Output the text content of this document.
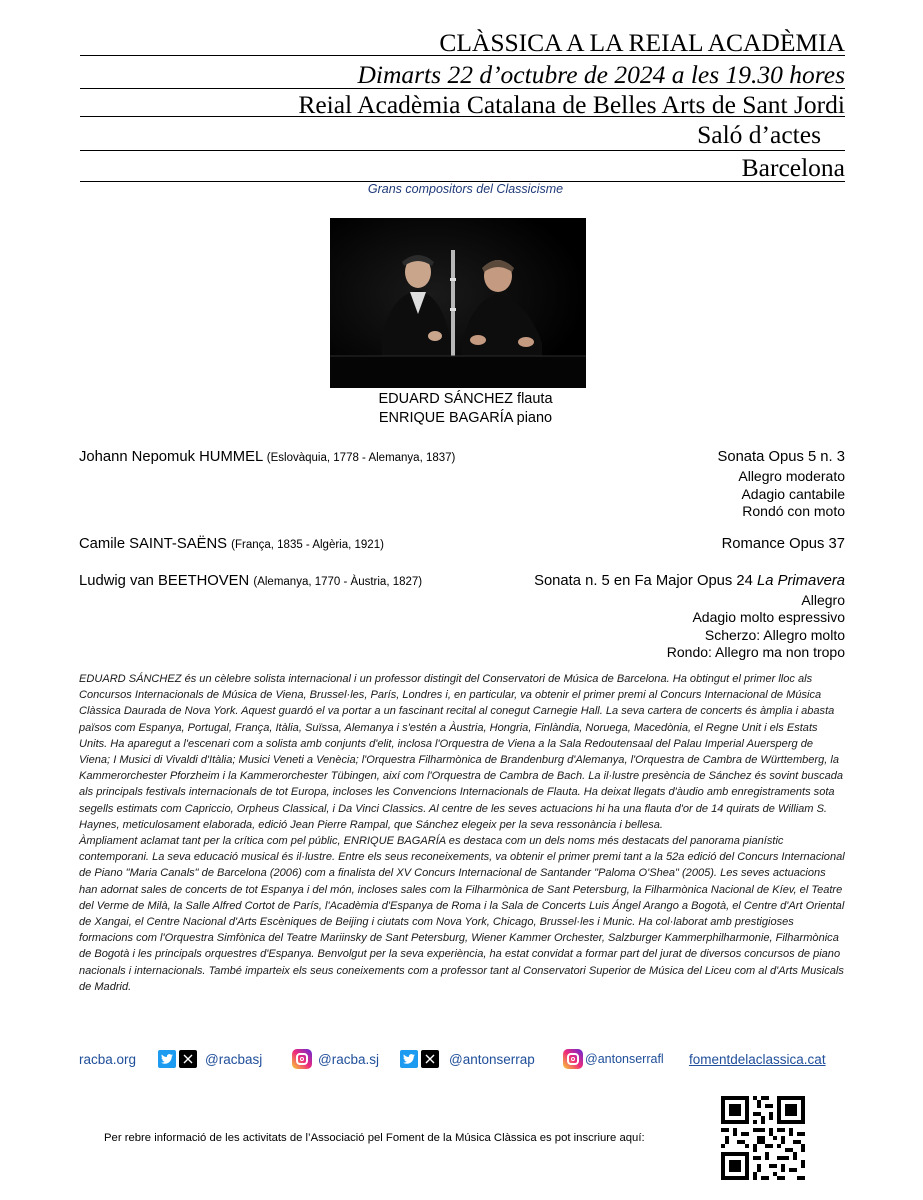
CLÀSSICA A LA REIAL ACADÈMIA
Dimarts 22 d’octubre de 2024 a les 19.30 hores
Reial Acadèmia Catalana de Belles Arts de Sant Jordi
Saló d’actes
Barcelona
Grans compositors del Classicisme
EDUARD SÁNCHEZ flauta
ENRIQUE BAGARÍA piano
Johann Nepomuk HUMMEL (Eslovàquia, 1778 - Alemanya, 1837)	Sonata Opus 5 n. 3
Allegro moderato
Adagio cantabile
Rondó con moto
Camile SAINT-SAËNS (França, 1835 - Algèria, 1921)	Romance Opus 37
Ludwig van BEETHOVEN (Alemanya, 1770 - Àustria, 1827)	Sonata n. 5 en Fa Major Opus 24 La Primavera
Allegro
Adagio molto espressivo
Scherzo: Allegro molto
Rondo: Allegro ma non tropo

EDUARD SÁNCHEZ és un cèlebre solista internacional i un professor distingit del Conservatori de Música de Barcelona. Ha obtingut el primer lloc als Concursos Internacionals de Música de Viena, Brussel·les, París, Londres i, en particular, va obtenir el primer premi al Concurs Internacional de Música Clàssica Daurada de Nova York. Aquest guardó el va portar a un fascinant recital al conegut Carnegie Hall. La seva cartera de concerts és àmplia i abasta països com Espanya, Portugal, França, Itàlia, Suïssa, Alemanya i s'estén a Àustria, Hongria, Finlàndia, Noruega, Macedònia, el Regne Unit i els Estats Units. Ha aparegut a l'escenari com a solista amb conjunts d'elit, inclosa l'Orquestra de Viena a la Sala Redoutensaal del Palau Imperial Auersperg de Viena; I Musici di Vivaldi d'Itàlia; Musici Veneti a Venècia; l'Orquestra Filharmònica de Brandenburg d'Alemanya, l'Orquestra de Cambra de Württemberg, la Kammerorchester Pforzheim i la Kammerorchester Tübingen, així com l'Orquestra de Cambra de Bach. La il·lustre presència de Sánchez és sovint buscada als principals festivals internacionals de tot Europa, incloses les Convencions Internacionals de Flauta. Ha deixat llegats d'àudio amb enregistraments sota segells estimats com Capriccio, Orpheus Classical, i Da Vinci Classics. Al centre de les seves actuacions hi ha una flauta d'or de 14 quirats de William S. Haynes, meticulosament elaborada, edició Jean Pierre Rampal, que Sánchez elegeix per la seva ressonància i bellesa.

Àmpliament aclamat tant per la crítica com pel públic, ENRIQUE BAGARÍA es destaca com un dels noms més destacats del panorama pianístic contemporani. La seva educació musical és il·lustre. Entre els seus reconeixements, va obtenir el primer premi tant a la 52a edició del Concurs Internacional de Piano "Maria Canals" de Barcelona (2006) com a finalista del XV Concurs Internacional de Santander "Paloma O'Shea" (2005). Les seves actuacions han adornat sales de concerts de tot Espanya i del món, incloses sales com la Filharmònica de Sant Petersburg, la Filharmònica Nacional de Kíev, el Teatre del Verme de Milà, la Salle Alfred Cortot de París, l'Acadèmia d'Espanya de Roma i la Sala de Concerts Luis Ángel Arango a Bogotà, el Centre d'Art Oriental de Xangai, el Centre Nacional d'Arts Escèniques de Beijing i ciutats com Nova York, Chicago, Brussel·les i Munic. Ha col·laborat amb prestigioses formacions com l'Orquestra Simfònica del Teatre Mariinsky de Sant Petersburg, Wiener Kammer Orchester, Salzburger Kammerphilharmonie, Filharmònica de Bogotà i les principals orquestres d'Espanya. Benvolgut per la seva experiència, ha estat convidat a formar part del jurat de diversos concursos de piano nacionals i internacionals. També imparteix els seus coneixements com a professor tant al Conservatori Superior de Música del Liceu com al d'Arts Musicals de Madrid.

racba.org	@racbasj	@racba.sj	@antonserrap	@antonserrafl fomentdelaclassica.cat
Per rebre informació de les activitats de l’Associació pel Foment de la Música Clàssica es pot inscriure aquí:
